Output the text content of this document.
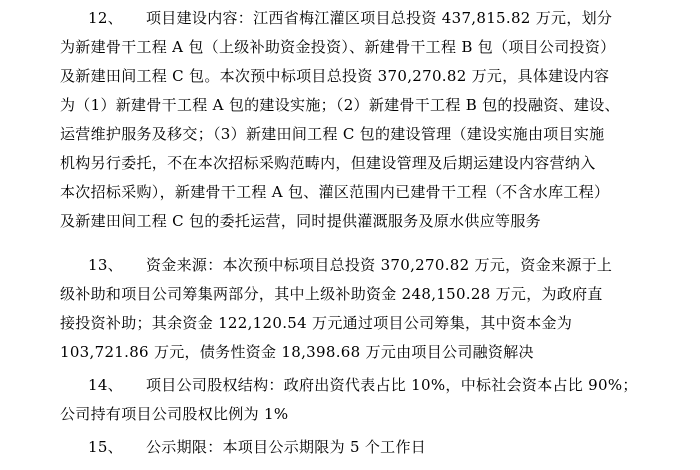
12、 项目建设内容：江西省梅江灌区项目总投资 437,815.82 万元，划分
为新建骨干工程 A 包（上级补助资金投资）、新建骨干工程 B 包（项目公司投资）
及新建田间工程 C 包。本次预中标项目总投资 370,270.82 万元，具体建设内容
为（1）新建骨干工程 A 包的建设实施；（2）新建骨干工程 B 包的投融资、建设、
运营维护服务及移交；（3）新建田间工程 C 包的建设管理（建设实施由项目实施
机构另行委托，不在本次招标采购范畴内，但建设管理及后期运建设内容营纳入
本次招标采购），新建骨干工程 A 包、灌区范围内已建骨干工程（不含水库工程）
及新建田间工程 C 包的委托运营，同时提供灌溉服务及原水供应等服务
13、 资金来源：本次预中标项目总投资 370,270.82 万元，资金来源于上
级补助和项目公司筹集两部分，其中上级补助资金 248,150.28 万元，为政府直
接投资补助；其余资金 122,120.54 万元通过项目公司筹集，其中资本金为
103,721.86 万元，债务性资金 18,398.68 万元由项目公司融资解决
14、 项目公司股权结构：政府出资代表占比 10%，中标社会资本占比 90%；
公司持有项目公司股权比例为 1%
15、 公示期限：本项目公示期限为 5 个工作日
